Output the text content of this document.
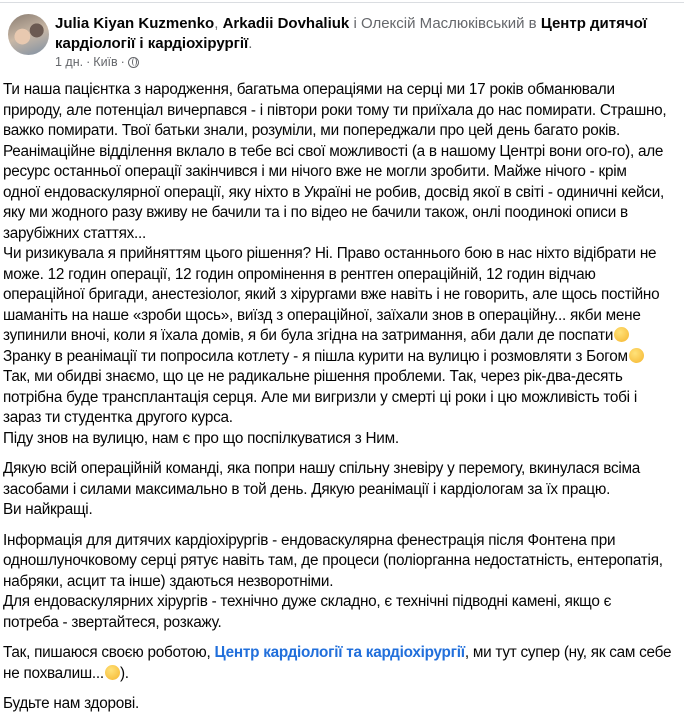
Julia Kiyan Kuzmenko, Arkadii Dovhaliuk і Олексій Маслюківський в Центр дитячої
кардіології і кардіохірургії.
1 дн. · Київ ·
Ти наша пацієнтка з народження, багатьма операціями на серці ми 17 років обманювали
природу, але потенціал вичерпався - і півтори роки тому ти приїхала до нас помирати. Страшно,
важко помирати. Твої батьки знали, розуміли, ми попереджали про цей день багато років.
Реанімаційне відділення вклало в тебе всі свої можливості (а в нашому Центрі вони ого-го), але
ресурс останньої операції закінчився і ми нічого вже не могли зробити. Майже нічого - крім
одної ендоваскулярної операції, яку ніхто в Україні не робив, досвід якої в світі - одиничні кейси,
яку ми жодного разу вживу не бачили та і по відео не бачили також, онлі поодинокі описи в
зарубіжних статтях...
Чи ризикувала я прийняттям цього рішення? Ні. Право останнього бою в нас ніхто відібрати не
може. 12 годин операції, 12 годин опромінення в рентген операційній, 12 годин відчаю
операційної бригади, анестезіолог, який з хірургами вже навіть і не говорить, але щось постійно
шаманіть на наше «зроби щось», виїзд з операційної, заїхали знов в операційну... якби мене
зупинили вночі, коли я їхала домів, я би була згідна на затримання, аби дали де поспати
Зранку в реанімації ти попросила котлету - я пішла курити на вулицю і розмовляти з Богом
Так, ми обидві знаємо, що це не радикальне рішення проблеми. Так, через рік-два-десять
потрібна буде трансплантація серця. Але ми вигризли у смерті ці роки і цю можливість тобі і
зараз ти студентка другого курса.
Піду знов на вулицю, нам є про що поспілкуватися з Ним.
Дякую всій операційній команді, яка попри нашу спільну зневіру у перемогу, вкинулася всіма
засобами і силами максимально в той день. Дякую реанімації і кардіологам за їх працю.
Ви найкращі.
Інформація для дитячих кардіохірургів - ендоваскулярна фенестрація після Фонтена при
одношлуночковому серці рятує навіть там, де процеси (поліорганна недостатність, ентеропатія,
набряки, асцит та інше) здаються незворотніми.
Для ендоваскулярних хірургів - технічно дуже складно, є технічні підводні камені, якщо є
потреба - звертайтеся, розкажу.
Так, пишаюся своєю роботою, Центр кардіології та кардіохірургії, ми тут супер (ну, як сам себе
не похвалиш... ).
Будьте нам здорові.
